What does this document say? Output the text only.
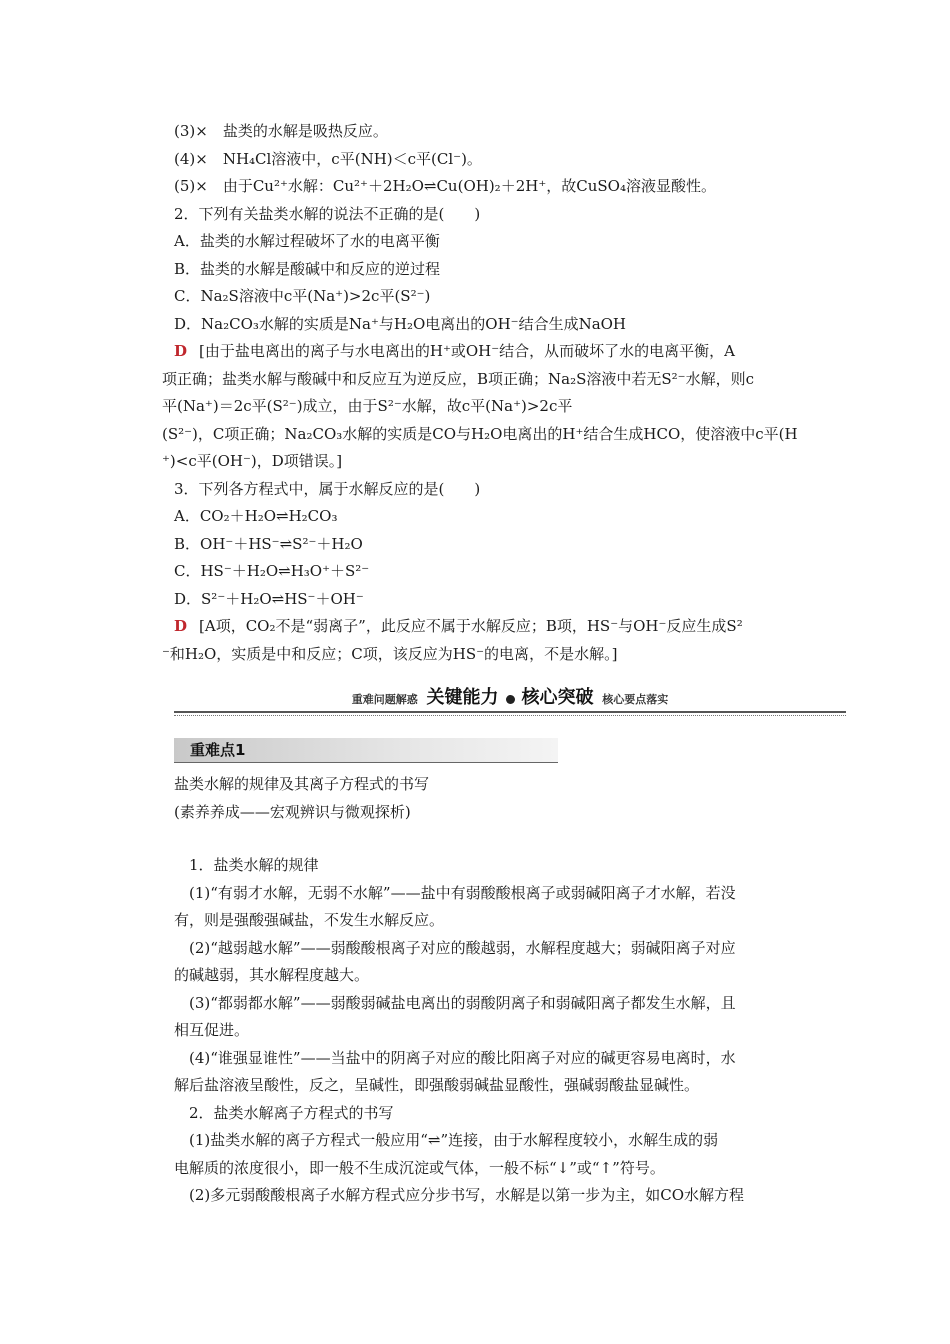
(3)×　盐类的水解是吸热反应。
(4)×　NH₄Cl溶液中，c平(NH)＜c平(Cl⁻)。
(5)×　由于Cu²⁺水解：Cu²⁺＋2H₂O⇌Cu(OH)₂＋2H⁺，故CuSO₄溶液显酸性。
2．下列有关盐类水解的说法不正确的是(　　)
A．盐类的水解过程破坏了水的电离平衡
B．盐类的水解是酸碱中和反应的逆过程
C．Na₂S溶液中c平(Na⁺)>2c平(S²⁻)
D．Na₂CO₃水解的实质是Na⁺与H₂O电离出的OH⁻结合生成NaOH
D [由于盐电离出的离子与水电离出的H⁺或OH⁻结合，从而破坏了水的电离平衡，A
项正确；盐类水解与酸碱中和反应互为逆反应，B项正确；Na₂S溶液中若无S²⁻水解，则c
平(Na⁺)＝2c平(S²⁻)成立，由于S²⁻水解，故c平(Na⁺)>2c平
(S²⁻)，C项正确；Na₂CO₃水解的实质是CO与H₂O电离出的H⁺结合生成HCO，使溶液中c平(H
⁺)<c平(OH⁻)，D项错误。]
3．下列各方程式中，属于水解反应的是(　　)
A．CO₂＋H₂O⇌H₂CO₃
B．OH⁻＋HS⁻⇌S²⁻＋H₂O
C．HS⁻＋H₂O⇌H₃O⁺＋S²⁻
D．S²⁻＋H₂O⇌HS⁻＋OH⁻
D [A项，CO₂不是“弱离子”，此反应不属于水解反应；B项，HS⁻与OH⁻反应生成S²
⁻和H₂O，实质是中和反应；C项，该反应为HS⁻的电离，不是水解。]
重难问题解惑 关键能力 核心突破 核心要点落实
重难点1
盐类水解的规律及其离子方程式的书写
(素养养成——宏观辨识与微观探析)
　1．盐类水解的规律
　(1)“有弱才水解，无弱不水解”——盐中有弱酸酸根离子或弱碱阳离子才水解，若没
有，则是强酸强碱盐，不发生水解反应。
　(2)“越弱越水解”——弱酸酸根离子对应的酸越弱，水解程度越大；弱碱阳离子对应
的碱越弱，其水解程度越大。
　(3)“都弱都水解”——弱酸弱碱盐电离出的弱酸阴离子和弱碱阳离子都发生水解，且
相互促进。
　(4)“谁强显谁性”——当盐中的阴离子对应的酸比阳离子对应的碱更容易电离时，水
解后盐溶液呈酸性，反之，呈碱性，即强酸弱碱盐显酸性，强碱弱酸盐显碱性。
　2．盐类水解离子方程式的书写
　(1)盐类水解的离子方程式一般应用“⇌”连接，由于水解程度较小，水解生成的弱
电解质的浓度很小，即一般不生成沉淀或气体，一般不标“↓”或“↑”符号。
　(2)多元弱酸酸根离子水解方程式应分步书写，水解是以第一步为主，如CO水解方程
